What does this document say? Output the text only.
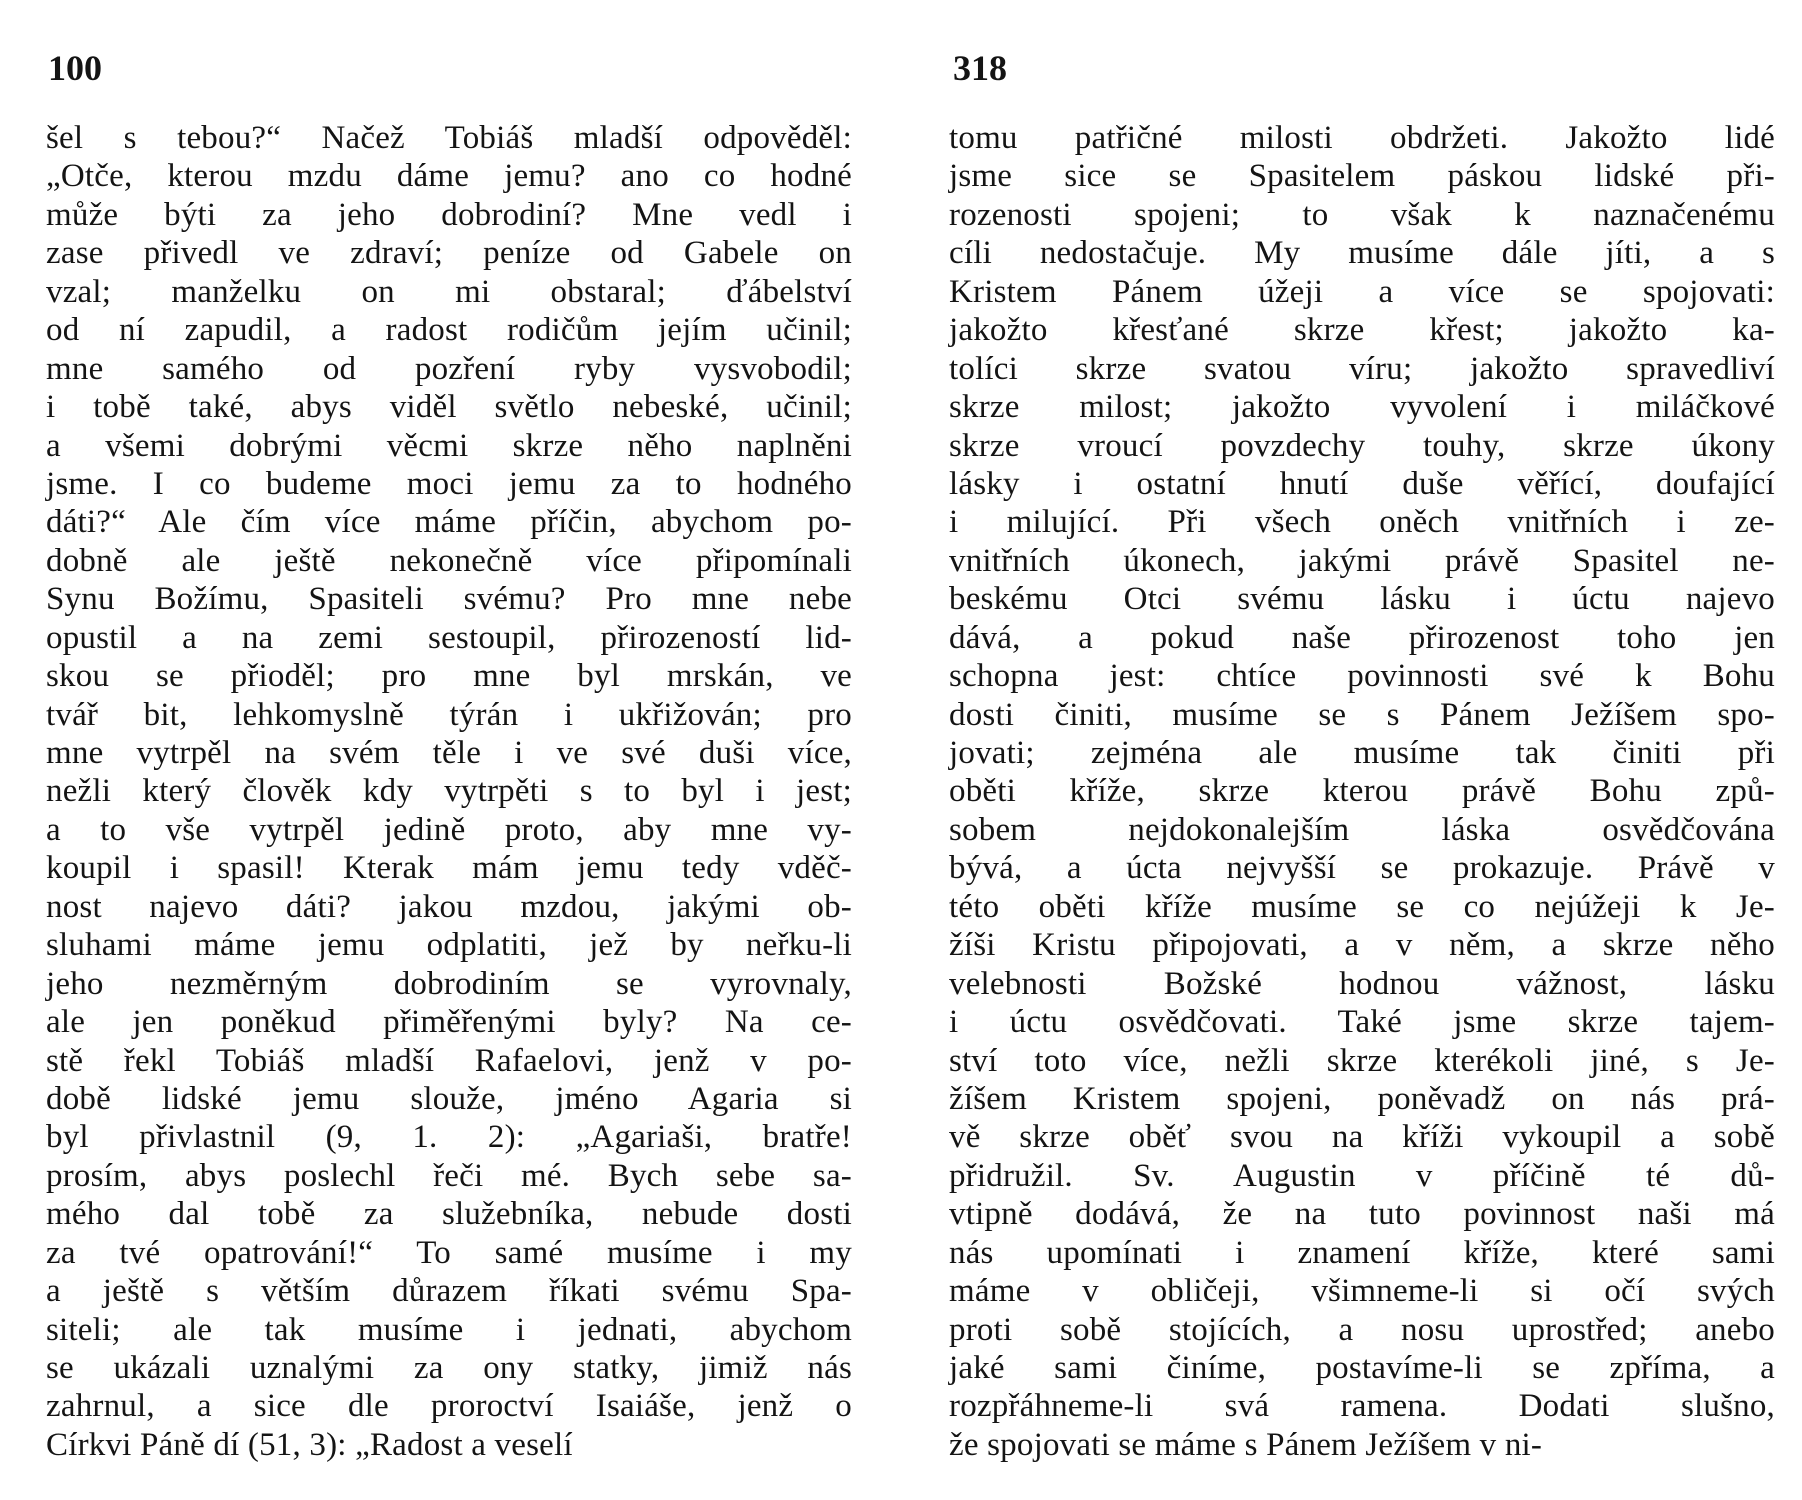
100	318
šel s tebou?“ Načež Tobiáš mladší odpověděl:
„Otče, kterou mzdu dáme jemu? ano co hodné
může býti za jeho dobrodiní? Mne vedl i
zase přivedl ve zdraví; peníze od Gabele on
vzal; manželku on mi obstaral; ďábelství
od ní zapudil, a radost rodičům jejím učinil;
mne samého od pozření ryby vysvobodil;
i tobě také, abys viděl světlo nebeské, učinil;
a všemi dobrými věcmi skrze něho naplněni
jsme. I co budeme moci jemu za to hodného
dáti?“ Ale čím více máme příčin, abychom po-
dobně ale ještě nekonečně více připomínali
Synu Božímu, Spasiteli svému? Pro mne nebe
opustil a na zemi sestoupil, přirozeností lid-
skou se přioděl; pro mne byl mrskán, ve
tvář bit, lehkomyslně týrán i ukřižován; pro
mne vytrpěl na svém těle i ve své duši více,
nežli který člověk kdy vytrpěti s to byl i jest;
a to vše vytrpěl jedině proto, aby mne vy-
koupil i spasil! Kterak mám jemu tedy vděč-
nost najevo dáti? jakou mzdou, jakými ob-
sluhami máme jemu odplatiti, jež by neřku-li
jeho nezměrným dobrodiním se vyrovnaly,
ale jen poněkud přiměřenými byly? Na ce-
stě řekl Tobiáš mladší Rafaelovi, jenž v po-
době lidské jemu slouže, jméno Agaria si
byl přivlastnil (9, 1. 2): „Agariaši, bratře!
prosím, abys poslechl řeči mé. Bych sebe sa-
mého dal tobě za služebníka, nebude dosti
za tvé opatrování!“ To samé musíme i my
a ještě s větším důrazem říkati svému Spa-
siteli; ale tak musíme i jednati, abychom
se ukázali uznalými za ony statky, jimiž nás
zahrnul, a sice dle proroctví Isaiáše, jenž o
Církvi Páně dí (51, 3): „Radost a veselí
tomu patřičné milosti obdržeti. Jakožto lidé
jsme sice se Spasitelem páskou lidské při-
rozenosti spojeni; to však k naznačenému
cíli nedostačuje. My musíme dále jíti, a s
Kristem Pánem úžeji a více se spojovati:
jakožto křesťané skrze křest; jakožto ka-
tolíci skrze svatou víru; jakožto spravedliví
skrze milost; jakožto vyvolení i miláčkové
skrze vroucí povzdechy touhy, skrze úkony
lásky i ostatní hnutí duše věřící, doufající
i milující. Při všech oněch vnitřních i ze-
vnitřních úkonech, jakými právě Spasitel ne-
beskému Otci svému lásku i úctu najevo
dává, a pokud naše přirozenost toho jen
schopna jest: chtíce povinnosti své k Bohu
dosti činiti, musíme se s Pánem Ježíšem spo-
jovati; zejména ale musíme tak činiti při
oběti kříže, skrze kterou právě Bohu způ-
sobem nejdokonalejším láska osvědčována
bývá, a úcta nejvyšší se prokazuje. Právě v
této oběti kříže musíme se co nejúžeji k Je-
žíši Kristu připojovati, a v něm, a skrze něho
velebnosti Božské hodnou vážnost, lásku
i úctu osvědčovati. Také jsme skrze tajem-
ství toto více, nežli skrze kterékoli jiné, s Je-
žíšem Kristem spojeni, poněvadž on nás prá-
vě skrze oběť svou na kříži vykoupil a sobě
přidružil. Sv. Augustin v příčině té dů-
vtipně dodává, že na tuto povinnost naši má
nás upomínati i znamení kříže, které sami
máme v obličeji, všimneme-li si očí svých
proti sobě stojících, a nosu uprostřed; anebo
jaké sami činíme, postavíme-li se zpříma, a
rozpřáhneme-li svá ramena. Dodati slušno,
že spojovati se máme s Pánem Ježíšem v ni-
